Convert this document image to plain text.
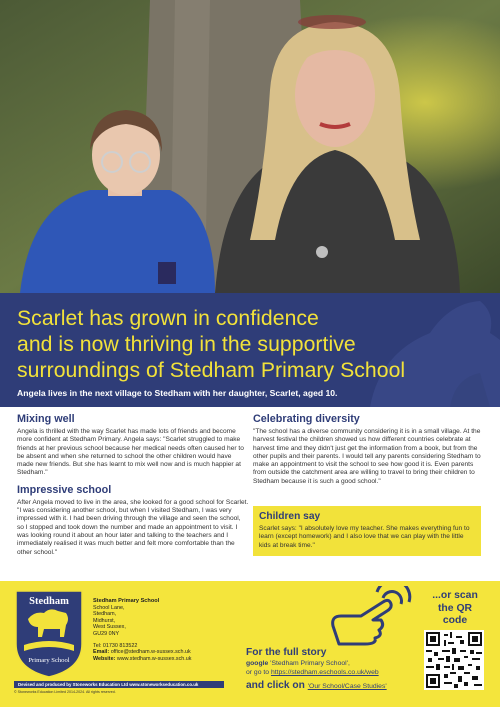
Scarlet has grown in confidence
and is now thriving in the supportive
surroundings of Stedham Primary School
Angela lives in the next village to Stedham with her daughter, Scarlet, aged 10.
Mixing well

Angela is thrilled with the way Scarlet has made lots of friends and become more confident at Stedham Primary. Angela says: "Scarlet struggled to make friends at her previous school because her medical needs often caused her to be absent and when she returned to school the other children would have made new friends. But she has learnt to mix well now and is much happier at Stedham."

Impressive school

After Angela moved to live in the area, she looked for a good school for Scarlet. "I was considering another school, but when I visited Stedham, I was very impressed with it. I had been driving through the village and seen the school, so I stopped and took down the number and made an appointment to visit. I was looking round it about an hour later and talking to the teachers and I immediately realised it was much better and felt more comfortable than the other school."

Celebrating diversity

"The school has a diverse community considering it is in a small village. At the harvest festival the children showed us how different countries celebrate at harvest time and they didn't just get the information from a book, but from the other pupils and their parents. I would tell any parents considering Stedham to make an appointment to visit the school to see how good it is. Even parents from outside the catchment area are willing to travel to bring their children to Stedham because it is such a good school."

Children say

Scarlet says: "I absolutely love my teacher. She makes everything fun to learn (except homework) and I also love that we can play with the little kids at break time."

Stedham
Primary School
Stedham Primary School
School Lane,
Stedham,
Midhurst,
West Sussex,
GU29 0NY
Tel: 01730 813522
Email: office@stedham.w-sussex.sch.uk
Website: www.stedham.w-sussex.sch.uk
Devised and produced by Stoneworks Education Ltd www.stoneworkseducation.co.uk
© Stoneworks Education Limited 2014-2024. All rights reserved.
For the full story
google 'Stedham Primary School',
or go to https://stedham.eschools.co.uk/web
and click on 'Our School/Case Studies'
...or scan
the QR
code
